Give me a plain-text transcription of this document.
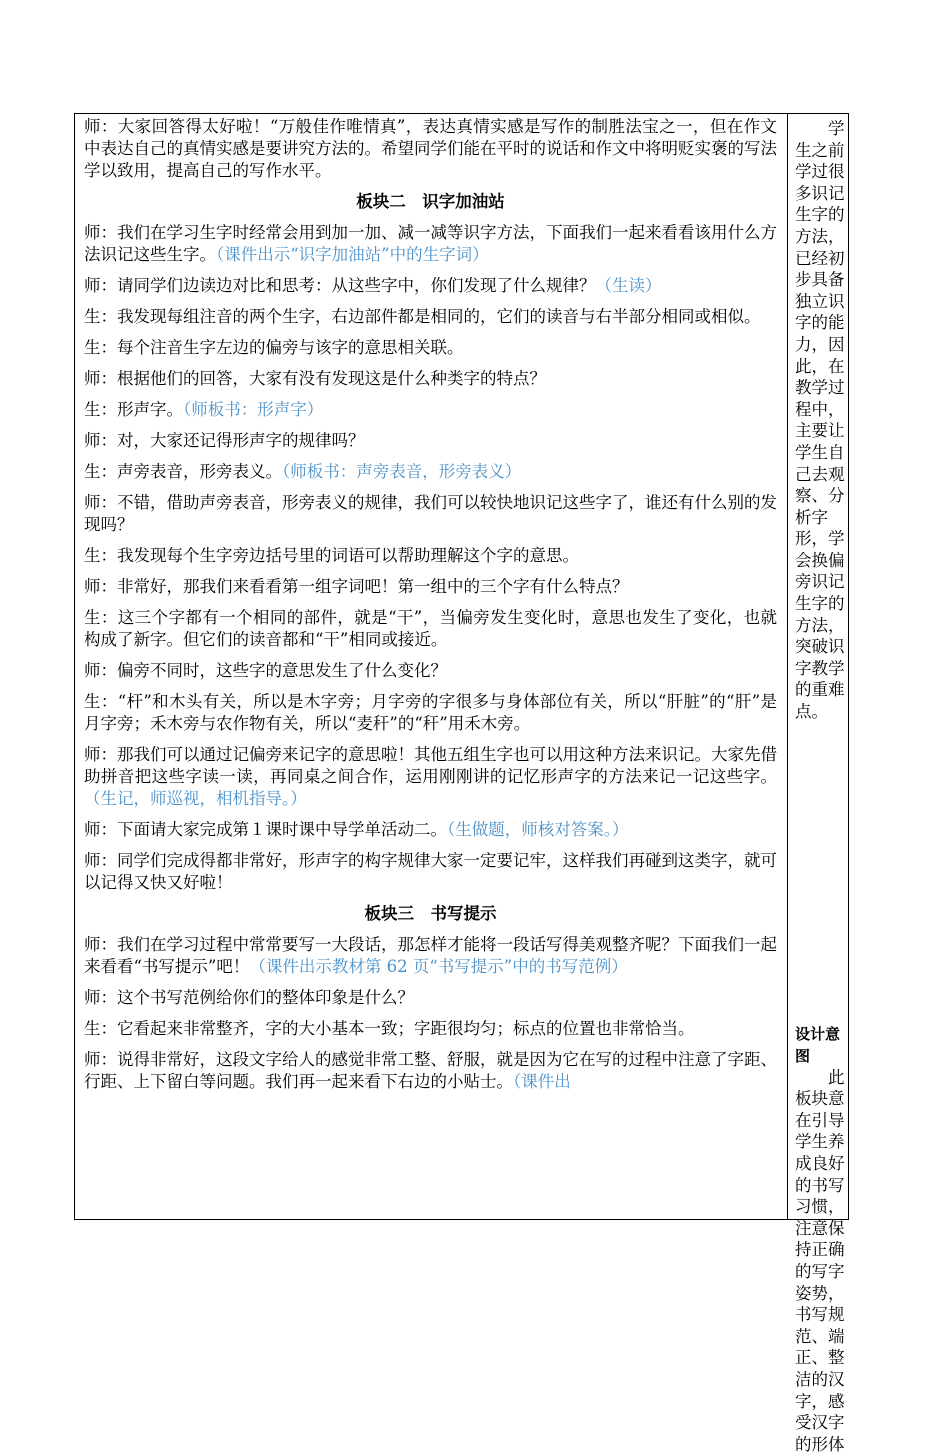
师：大家回答得太好啦！“万般佳作唯情真”，表达真情实感是写作的制胜法宝之一，但在作文中表达自己的真情实感是要讲究方法的。希望同学们能在平时的说话和作文中将明贬实褒的写法学以致用，提高自己的写作水平。

板块二　识字加油站

师：我们在学习生字时经常会用到加一加、减一减等识字方法，下面我们一起来看看该用什么方法识记这些生字。（课件出示“识字加油站”中的生字词）

师：请同学们边读边对比和思考：从这些字中，你们发现了什么规律？（生读）

生：我发现每组注音的两个生字，右边部件都是相同的，它们的读音与右半部分相同或相似。

生：每个注音生字左边的偏旁与该字的意思相关联。

师：根据他们的回答，大家有没有发现这是什么种类字的特点？

生：形声字。（师板书：形声字）

师：对，大家还记得形声字的规律吗？

生：声旁表音，形旁表义。（师板书：声旁表音，形旁表义）

师：不错，借助声旁表音，形旁表义的规律，我们可以较快地识记这些字了，谁还有什么别的发现吗？

生：我发现每个生字旁边括号里的词语可以帮助理解这个字的意思。

师：非常好，那我们来看看第一组字词吧！第一组中的三个字有什么特点？

生：这三个字都有一个相同的部件，就是“干”，当偏旁发生变化时，意思也发生了变化，也就构成了新字。但它们的读音都和“干”相同或接近。

师：偏旁不同时，这些字的意思发生了什么变化？

生：“杆”和木头有关，所以是木字旁；月字旁的字很多与身体部位有关，所以“肝脏”的“肝”是月字旁；禾木旁与农作物有关，所以“麦秆”的“秆”用禾木旁。

师：那我们可以通过记偏旁来记字的意思啦！其他五组生字也可以用这种方法来识记。大家先借助拼音把这些字读一读，再同桌之间合作，运用刚刚讲的记忆形声字的方法来记一记这些字。（生记，师巡视，相机指导。）

师：下面请大家完成第１课时课中导学单活动二。（生做题，师核对答案。）

师：同学们完成得都非常好，形声字的构字规律大家一定要记牢，这样我们再碰到这类字，就可以记得又快又好啦！

板块三　书写提示

师：我们在学习过程中常常要写一大段话，那怎样才能将一段话写得美观整齐呢？下面我们一起来看看“书写提示”吧！（课件出示教材第 62 页“书写提示”中的书写范例）

师：这个书写范例给你们的整体印象是什么？

生：它看起来非常整齐，字的大小基本一致；字距很均匀；标点的位置也非常恰当。

师：说得非常好，这段文字给人的感觉非常工整、舒服，就是因为它在写的过程中注意了字距、行距、上下留白等问题。我们再一起来看下右边的小贴士。（课件出

学生之前学过很多识记生字的方法，已经初步具备独立识字的能力，因此，在教学过程中，主要让学生自己去观察、分析字形，学会换偏旁识记生字的方法，突破识字教学的重难点。

设计意图

此板块意在引导学生养成良好的书写习惯，注意保持正确的写字姿势，书写规范、端正、整洁的汉字，感受汉字的形体
